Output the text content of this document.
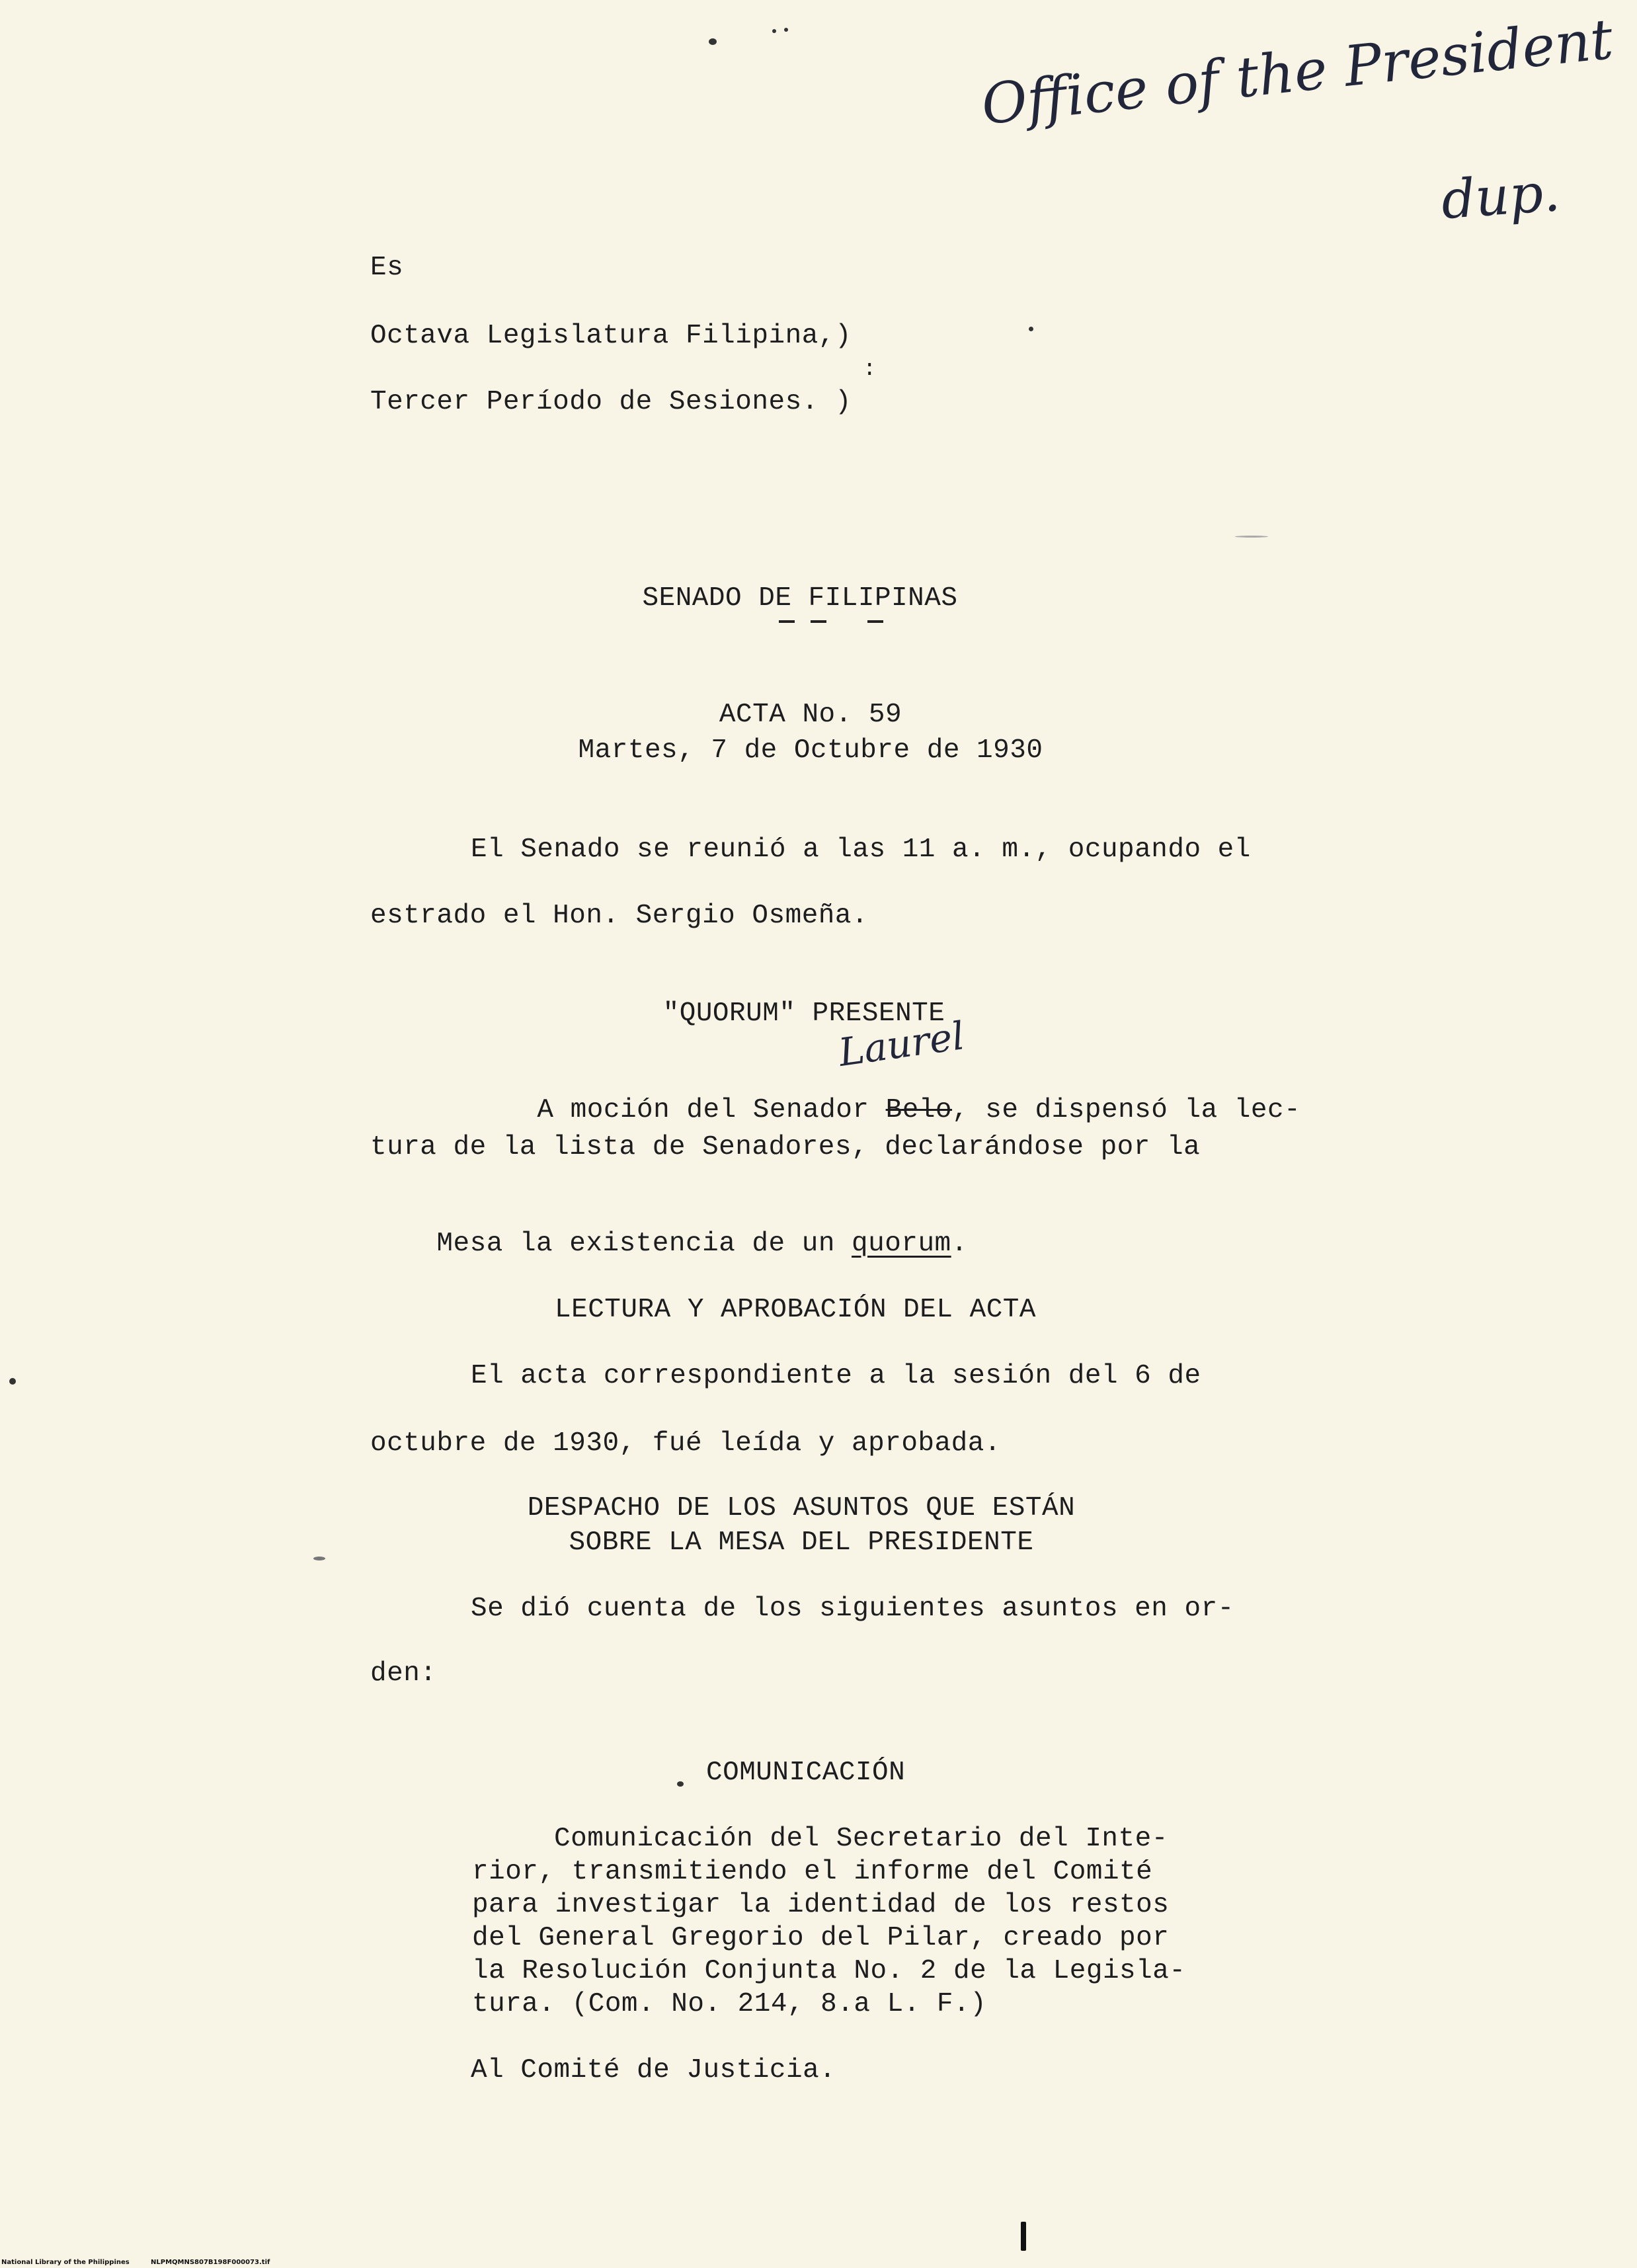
Office of the President
dup.
Es
Octava Legislatura Filipina,)
:
Tercer Período de Sesiones. )
SENADO DE FILIPINAS
ACTA No. 59
Martes, 7 de Octubre de 1930
El Senado se reunió a las 11 a. m., ocupando el
estrado el Hon. Sergio Osmeña.
"QUORUM" PRESENTE
Laurel

A moción del Senador Belo, se dispensó la lec-

tura de la lista de Senadores, declarándose por la

Mesa la existencia de un quorum.

LECTURA Y APROBACIÓN DEL ACTA
El acta correspondiente a la sesión del 6 de
octubre de 1930, fué leída y aprobada.
DESPACHO DE LOS ASUNTOS QUE ESTÁN
SOBRE LA MESA DEL PRESIDENTE
Se dió cuenta de los siguientes asuntos en or-
den:
COMUNICACIÓN
Comunicación del Secretario del Inte-
rior, transmitiendo el informe del Comité
para investigar la identidad de los restos
del General Gregorio del Pilar, creado por
la Resolución Conjunta No. 2 de la Legisla-
tura. (Com. No. 214, 8.a L. F.)
Al Comité de Justicia.
National Library of the Philippines	NLPMQMNS807B198F000073.tif
